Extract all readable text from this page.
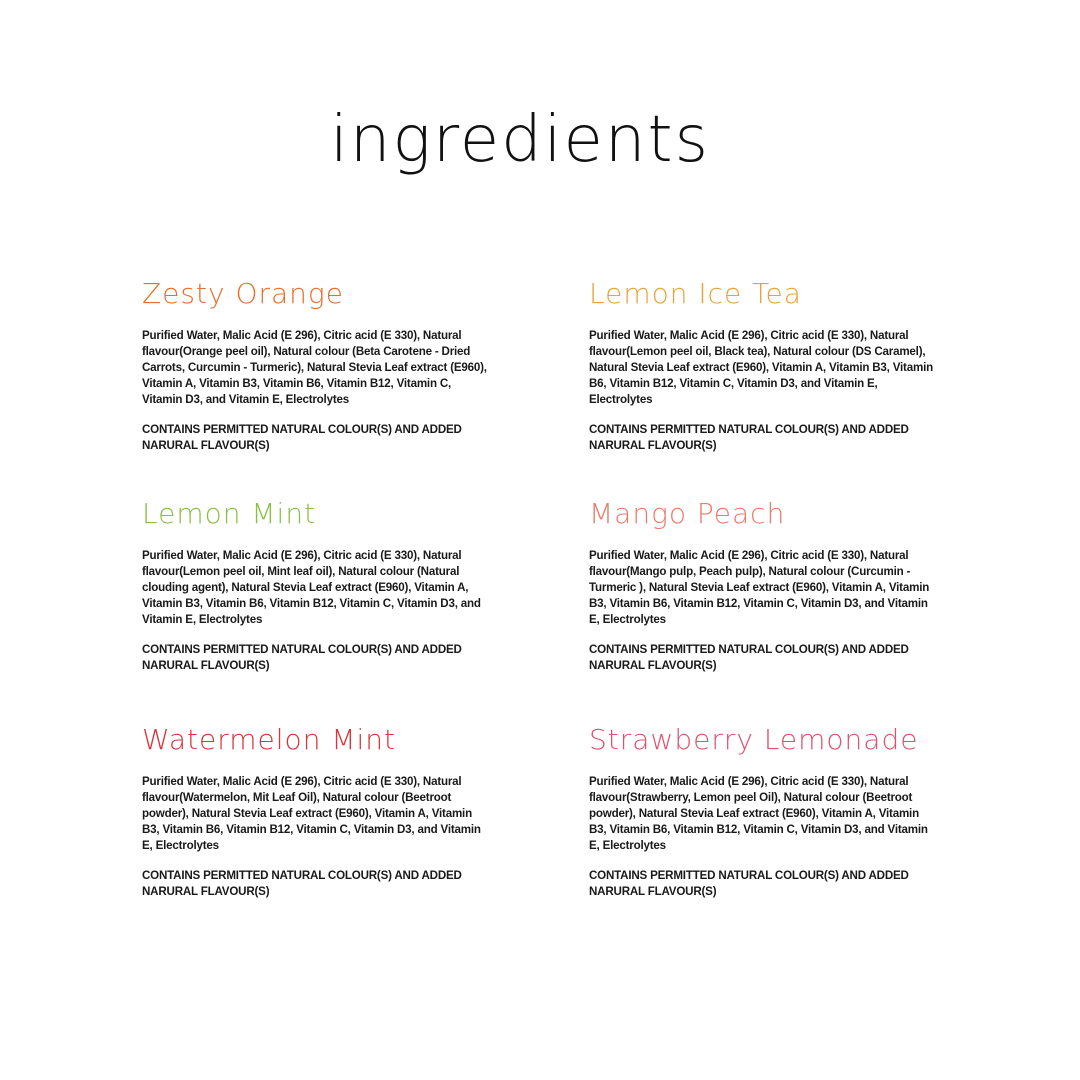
ingredients
Zesty Orange

Purified Water, Malic Acid (E 296), Citric acid (E 330), Natural flavour(Orange peel oil), Natural colour (Beta Carotene - Dried Carrots, Curcumin - Turmeric), Natural Stevia Leaf extract (E960), Vitamin A, Vitamin B3, Vitamin B6, Vitamin B12, Vitamin C, Vitamin D3, and Vitamin E, Electrolytes

CONTAINS PERMITTED NATURAL COLOUR(S) AND ADDED NARURAL FLAVOUR(S)

Lemon Ice Tea

Purified Water, Malic Acid (E 296), Citric acid (E 330), Natural flavour(Lemon peel oil, Black tea), Natural colour (DS Caramel), Natural Stevia Leaf extract (E960), Vitamin A, Vitamin B3, Vitamin B6, Vitamin B12, Vitamin C, Vitamin D3, and Vitamin E, Electrolytes

CONTAINS PERMITTED NATURAL COLOUR(S) AND ADDED NARURAL FLAVOUR(S)

Lemon Mint

Purified Water, Malic Acid (E 296), Citric acid (E 330), Natural flavour(Lemon peel oil, Mint leaf oil), Natural colour (Natural clouding agent), Natural Stevia Leaf extract (E960), Vitamin A, Vitamin B3, Vitamin B6, Vitamin B12, Vitamin C, Vitamin D3, and Vitamin E, Electrolytes

CONTAINS PERMITTED NATURAL COLOUR(S) AND ADDED NARURAL FLAVOUR(S)

Mango Peach

Purified Water, Malic Acid (E 296), Citric acid (E 330), Natural flavour(Mango pulp, Peach pulp), Natural colour (Curcumin - Turmeric ), Natural Stevia Leaf extract (E960), Vitamin A, Vitamin B3, Vitamin B6, Vitamin B12, Vitamin C, Vitamin D3, and Vitamin E, Electrolytes

CONTAINS PERMITTED NATURAL COLOUR(S) AND ADDED NARURAL FLAVOUR(S)

Watermelon Mint

Purified Water, Malic Acid (E 296), Citric acid (E 330), Natural flavour(Watermelon, Mit Leaf Oil), Natural colour (Beetroot powder), Natural Stevia Leaf extract (E960), Vitamin A, Vitamin B3, Vitamin B6, Vitamin B12, Vitamin C, Vitamin D3, and Vitamin E, Electrolytes

CONTAINS PERMITTED NATURAL COLOUR(S) AND ADDED NARURAL FLAVOUR(S)

Strawberry Lemonade

Purified Water, Malic Acid (E 296), Citric acid (E 330), Natural flavour(Strawberry, Lemon peel Oil), Natural colour (Beetroot powder), Natural Stevia Leaf extract (E960), Vitamin A, Vitamin B3, Vitamin B6, Vitamin B12, Vitamin C, Vitamin D3, and Vitamin E, Electrolytes

CONTAINS PERMITTED NATURAL COLOUR(S) AND ADDED NARURAL FLAVOUR(S)
